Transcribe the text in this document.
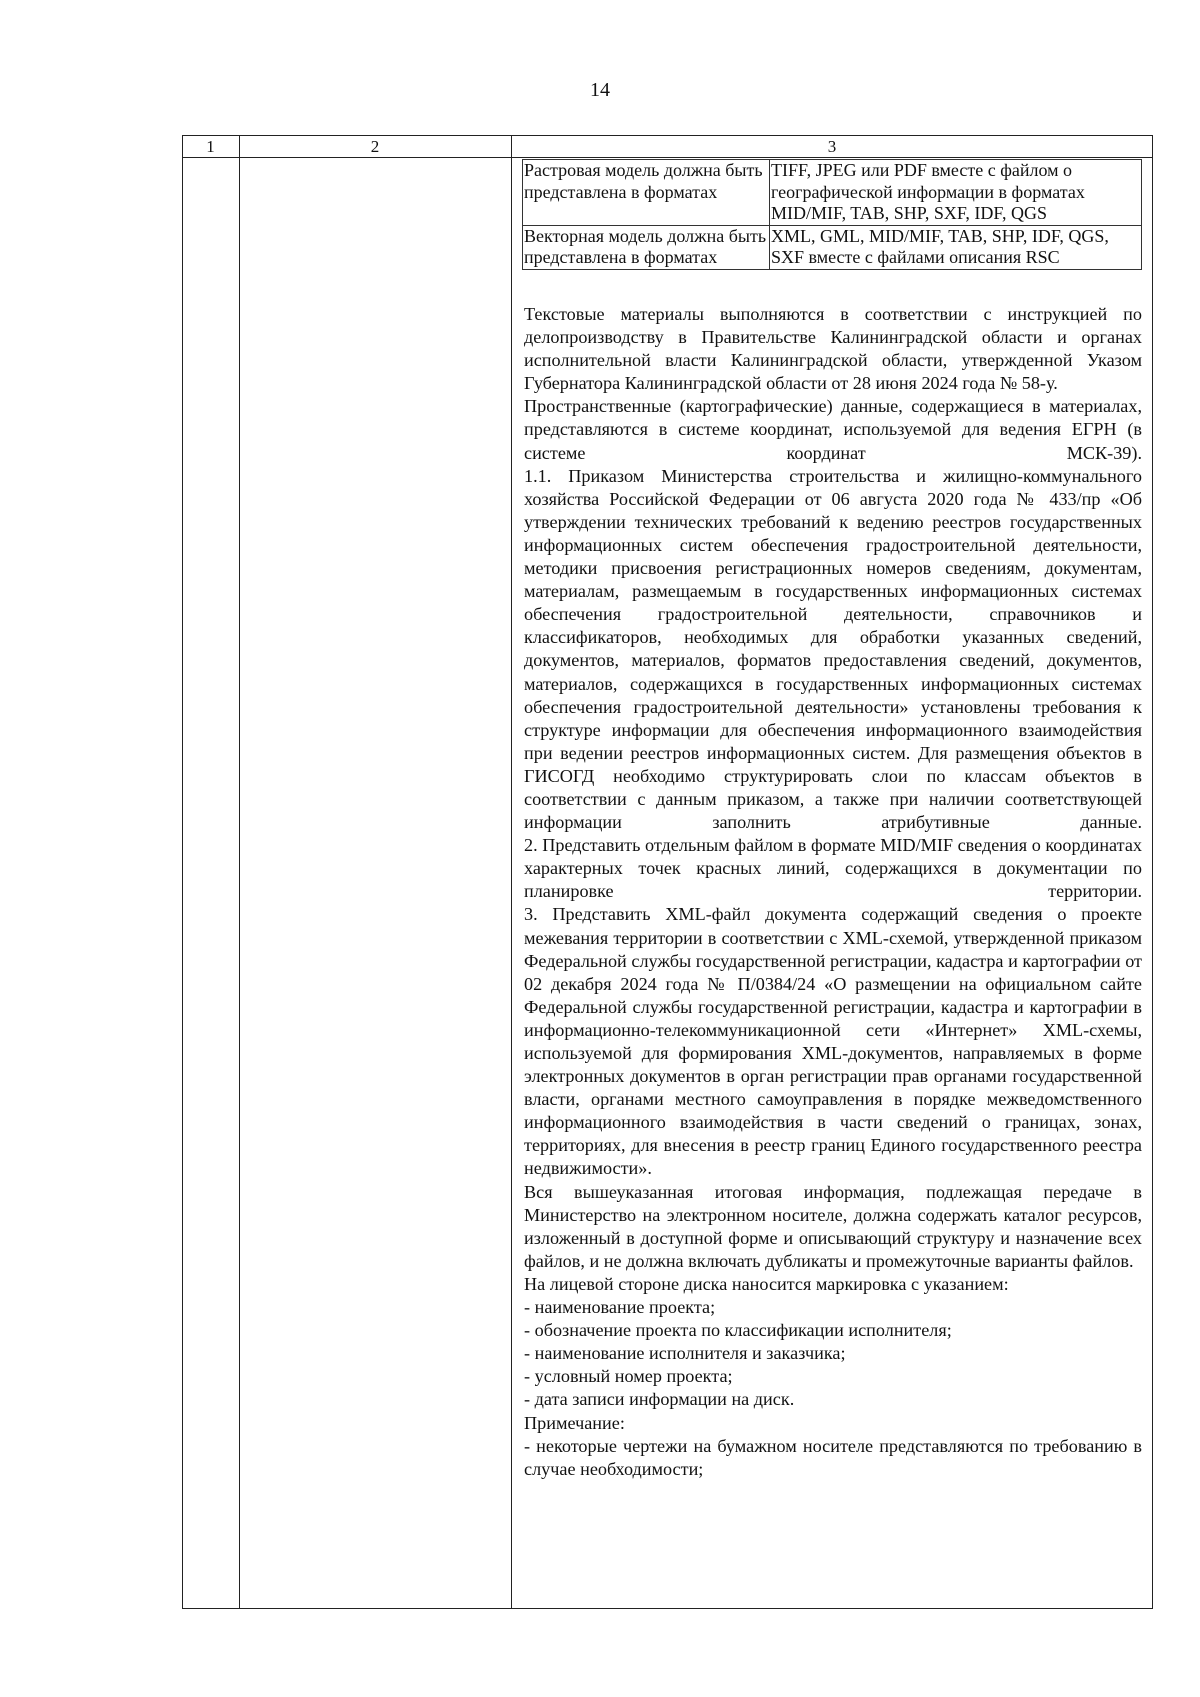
14
1	2	3
Растровая модель должна быть представлена в форматах	TIFF, JPEG или PDF вместе с файлом о географической информации в форматах MID/MIF, TAB, SHP, SXF, IDF, QGS
Векторная модель должна быть представлена в форматах	XML, GML, MID/MIF, TAB, SHP, IDF, QGS, SXF вместе с файлами описания RSC

Текстовые материалы выполняются в соответствии с инструкцией по делопроизводству в Правительстве Калининградской области и органах исполнительной власти Калининградской области, утвержденной Указом Губернатора Калининградской области от 28 июня 2024 года № 58-у.

Пространственные (картографические) данные, содержащиеся в материалах, представляются в системе координат, используемой для ведения ЕГРН (в системе координат МСК-39).

1.1. Приказом Министерства строительства и жилищно-коммунального хозяйства Российской Федерации от 06 августа 2020 года № 433/пр «Об утверждении технических требований к ведению реестров государственных информационных систем обеспечения градостроительной деятельности, методики присвоения регистрационных номеров сведениям, документам, материалам, размещаемым в государственных информационных системах обеспечения градостроительной деятельности, справочников и классификаторов, необходимых для обработки указанных сведений, документов, материалов, форматов предоставления сведений, документов, материалов, содержащихся в государственных информационных системах обеспечения градостроительной деятельности» установлены требования к структуре информации для обеспечения информационного взаимодействия при ведении реестров информационных систем. Для размещения объектов в ГИСОГД необходимо структурировать слои по классам объектов в соответствии с данным приказом, а также при наличии соответствующей информации заполнить атрибутивные данные.

2. Представить отдельным файлом в формате MID/MIF сведения о координатах характерных точек красных линий, содержащихся в документации по планировке территории.

3. Представить XML-файл документа содержащий сведения о проекте межевания территории в соответствии с XML-схемой, утвержденной приказом Федеральной службы государственной регистрации, кадастра и картографии от 02 декабря 2024 года № П/0384/24 «О размещении на официальном сайте Федеральной службы государственной регистрации, кадастра и картографии в информационно-телекоммуникационной сети «Интернет» XML-схемы, используемой для формирования XML-документов, направляемых в форме электронных документов в орган регистрации прав органами государственной власти, органами местного самоуправления в порядке межведомственного информационного взаимодействия в части сведений о границах, зонах, территориях, для внесения в реестр границ Единого государственного реестра недвижимости».

Вся вышеуказанная итоговая информация, подлежащая передаче в Министерство на электронном носителе, должна содержать каталог ресурсов, изложенный в доступной форме и описывающий структуру и назначение всех файлов, и не должна включать дубликаты и промежуточные варианты файлов.

На лицевой стороне диска наносится маркировка с указанием:

- наименование проекта;

- обозначение проекта по классификации исполнителя;

- наименование исполнителя и заказчика;

- условный номер проекта;

- дата записи информации на диск.

Примечание:

- некоторые чертежи на бумажном носителе представляются по требованию в случае необходимости;
